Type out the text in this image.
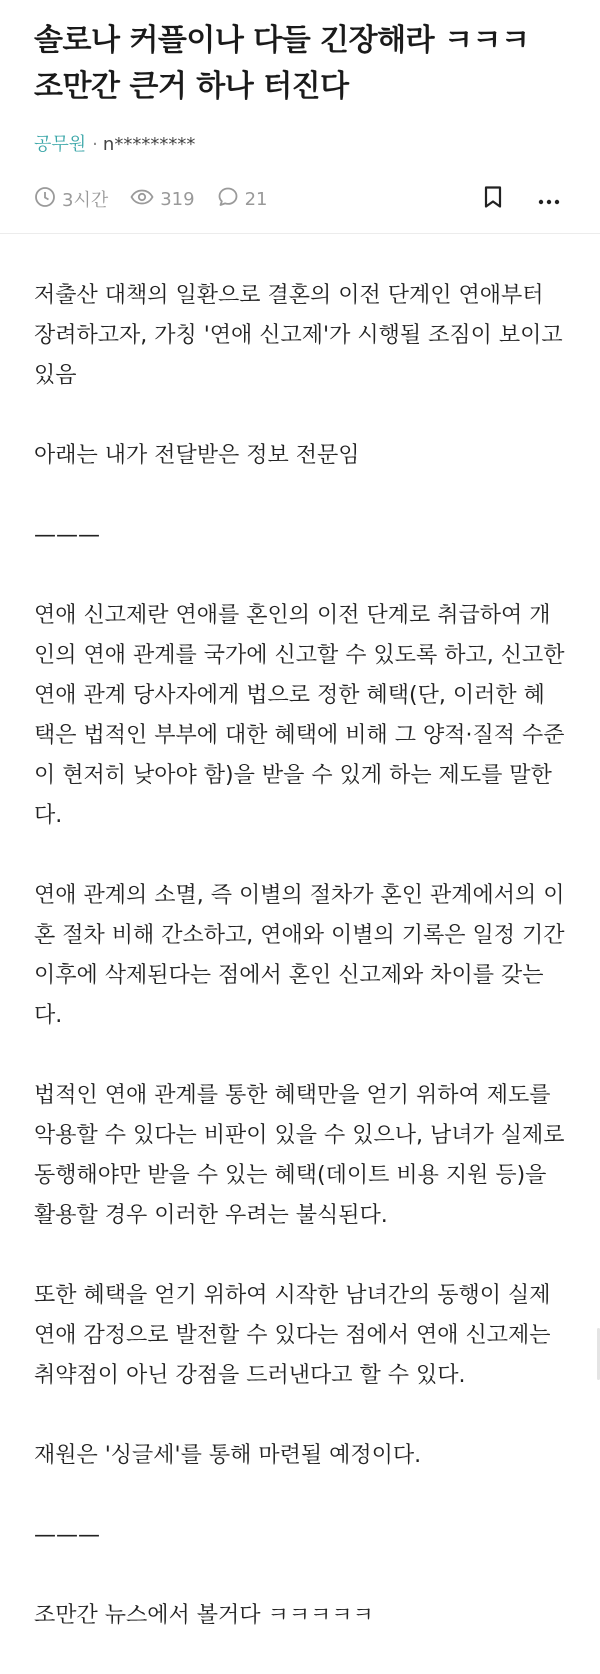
솔로나 커플이나 다들 긴장해라 ㅋㅋㅋ
조만간 큰거 하나 터진다
공무원 · n*********
3시간	319	21

저출산 대책의 일환으로 결혼의 이전 단계인 연애부터 장려하고자, 가칭 '연애 신고제'가 시행될 조짐이 보이고 있음

아래는 내가 전달받은 정보 전문임

———

연애 신고제란 연애를 혼인의 이전 단계로 취급하여 개인의 연애 관계를 국가에 신고할 수 있도록 하고, 신고한 연애 관계 당사자에게 법으로 정한 혜택(단, 이러한 혜택은 법적인 부부에 대한 혜택에 비해 그 양적·질적 수준이 현저히 낮아야 함)을 받을 수 있게 하는 제도를 말한다.

연애 관계의 소멸, 즉 이별의 절차가 혼인 관계에서의 이혼 절차 비해 간소하고, 연애와 이별의 기록은 일정 기간 이후에 삭제된다는 점에서 혼인 신고제와 차이를 갖는다.

법적인 연애 관계를 통한 혜택만을 얻기 위하여 제도를 악용할 수 있다는 비판이 있을 수 있으나, 남녀가 실제로 동행해야만 받을 수 있는 혜택(데이트 비용 지원 등)을 활용할 경우 이러한 우려는 불식된다.

또한 혜택을 얻기 위하여 시작한 남녀간의 동행이 실제 연애 감정으로 발전할 수 있다는 점에서 연애 신고제는 취약점이 아닌 강점을 드러낸다고 할 수 있다.

재원은 '싱글세'를 통해 마련될 예정이다.

———

조만간 뉴스에서 볼거다 ㅋㅋㅋㅋㅋ
